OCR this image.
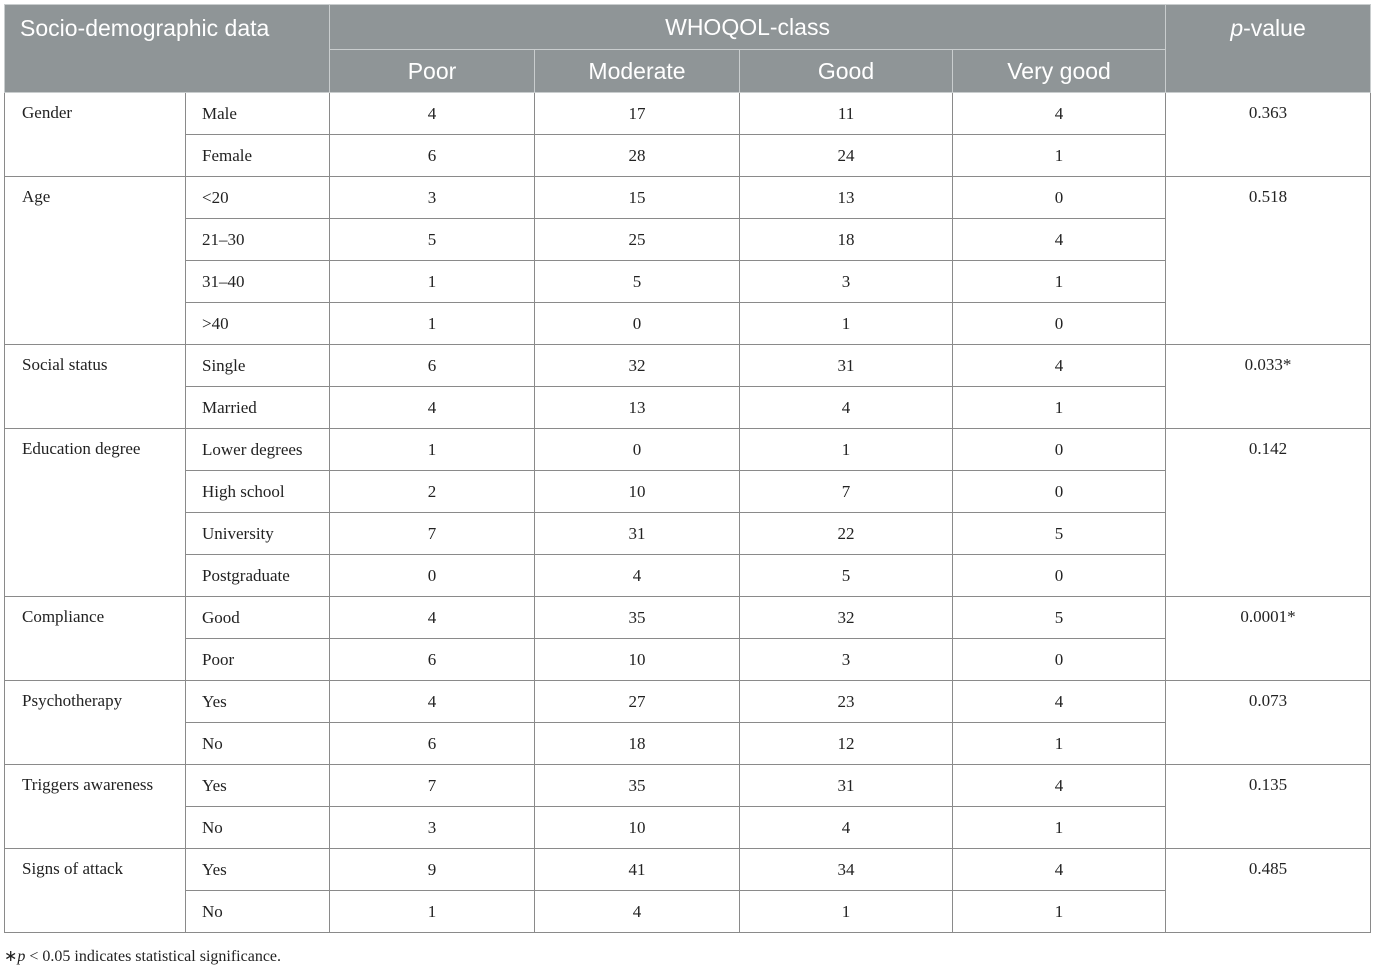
Socio-demographic data		WHOQOL-class				p-value
		Poor	Moderate	Good	Very good	
Gender	Male	4	17	11	4	0.363
	Female	6	28	24	1	
Age	<20	3	15	13	0	0.518
	21–30	5	25	18	4	
	31–40	1	5	3	1	
	>40	1	0	1	0	
Social status	Single	6	32	31	4	0.033*
	Married	4	13	4	1	
Education degree	Lower degrees	1	0	1	0	0.142
	High school	2	10	7	0	
	University	7	31	22	5	
	Postgraduate	0	4	5	0	
Compliance	Good	4	35	32	5	0.0001*
	Poor	6	10	3	0	
Psychotherapy	Yes	4	27	23	4	0.073
	No	6	18	12	1	
Triggers awareness	Yes	7	35	31	4	0.135
	No	3	10	4	1	
Signs of attack	Yes	9	41	34	4	0.485
	No	1	4	1	1	
∗p < 0.05 indicates statistical significance.
